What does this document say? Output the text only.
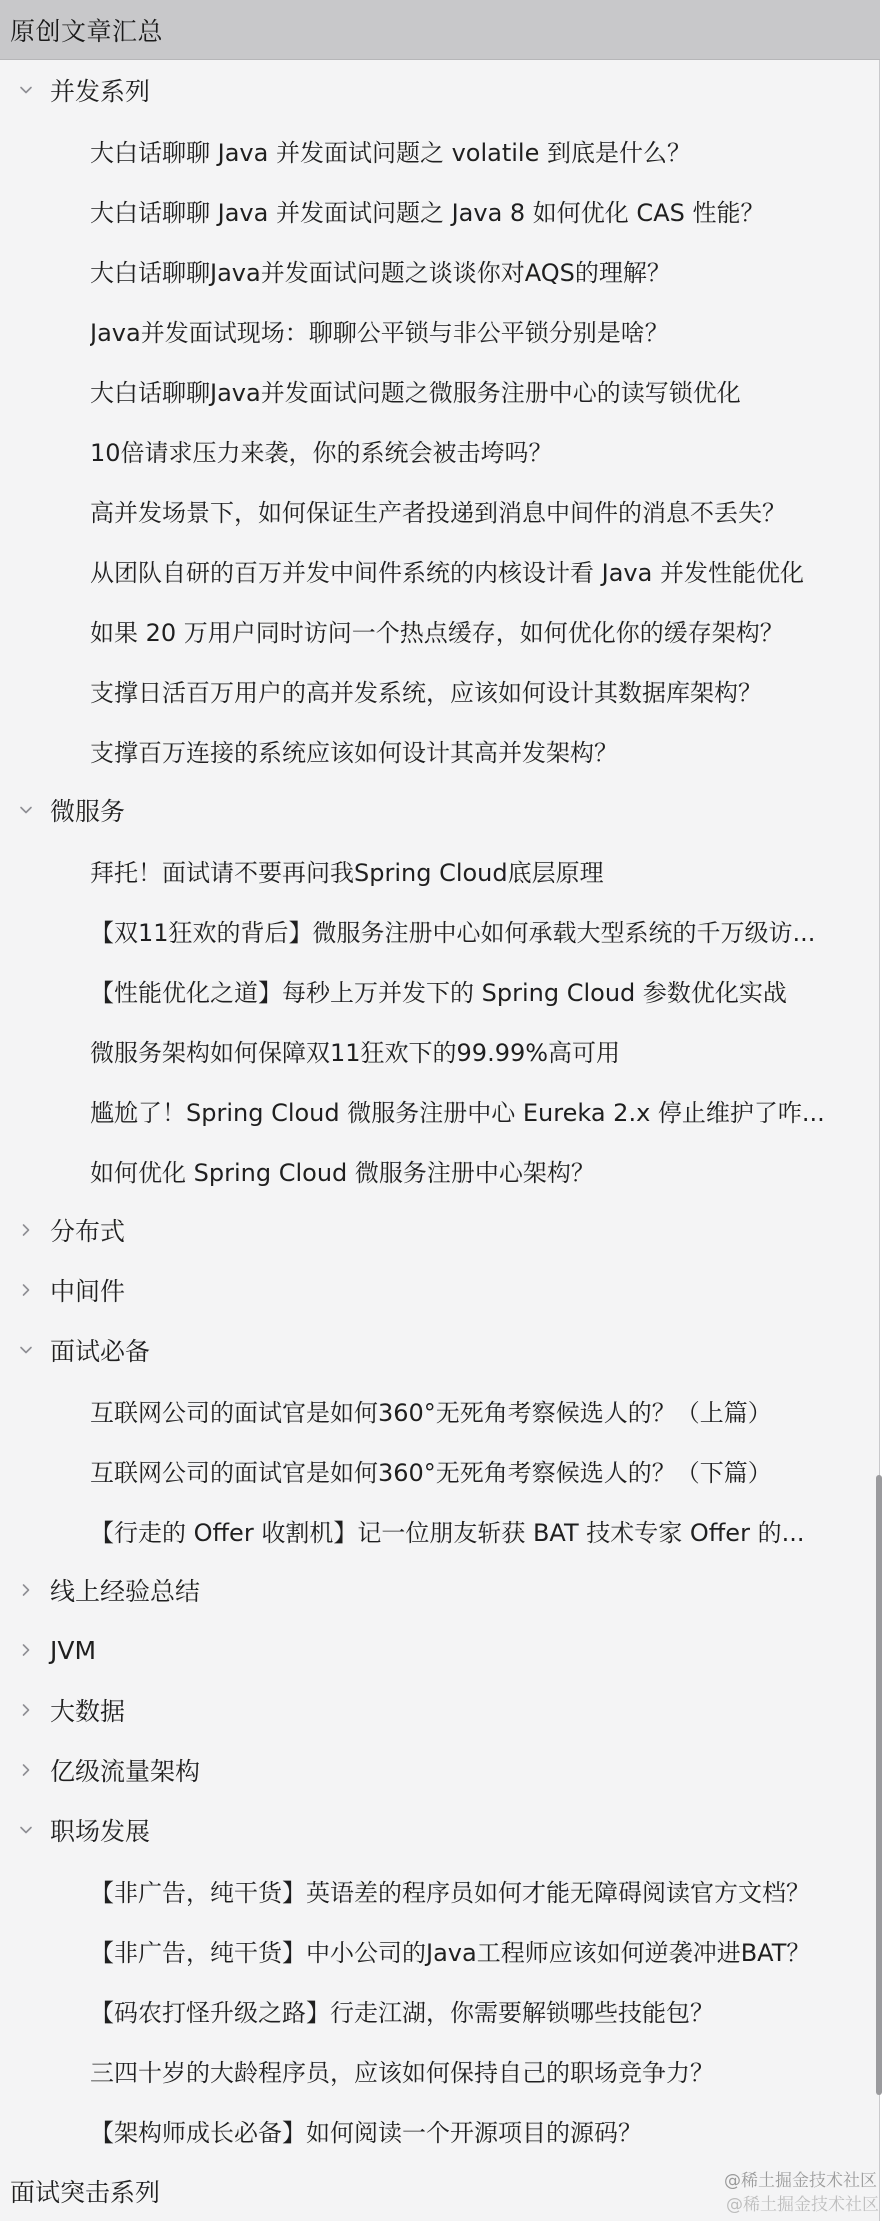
原创文章汇总
并发系列
大白话聊聊 Java 并发面试问题之 volatile 到底是什么？
大白话聊聊 Java 并发面试问题之 Java 8 如何优化 CAS 性能？
大白话聊聊Java并发面试问题之谈谈你对AQS的理解？
Java并发面试现场：聊聊公平锁与非公平锁分别是啥？
大白话聊聊Java并发面试问题之微服务注册中心的读写锁优化
10倍请求压力来袭，你的系统会被击垮吗？
高并发场景下，如何保证生产者投递到消息中间件的消息不丢失？
从团队自研的百万并发中间件系统的内核设计看 Java 并发性能优化
如果 20 万用户同时访问一个热点缓存，如何优化你的缓存架构？
支撑日活百万用户的高并发系统，应该如何设计其数据库架构？
支撑百万连接的系统应该如何设计其高并发架构？
微服务
拜托！面试请不要再问我Spring Cloud底层原理
【双11狂欢的背后】微服务注册中心如何承载大型系统的千万级访...
【性能优化之道】每秒上万并发下的 Spring Cloud 参数优化实战
微服务架构如何保障双11狂欢下的99.99%高可用
尴尬了！Spring Cloud 微服务注册中心 Eureka 2.x 停止维护了咋...
如何优化 Spring Cloud 微服务注册中心架构？
分布式
中间件
面试必备
互联网公司的面试官是如何360°无死角考察候选人的？（上篇）
互联网公司的面试官是如何360°无死角考察候选人的？（下篇）
【行走的 Offer 收割机】记一位朋友斩获 BAT 技术专家 Offer 的...
线上经验总结
JVM
大数据
亿级流量架构
职场发展
【非广告，纯干货】英语差的程序员如何才能无障碍阅读官方文档？
【非广告，纯干货】中小公司的Java工程师应该如何逆袭冲进BAT？
【码农打怪升级之路】行走江湖，你需要解锁哪些技能包？
三四十岁的大龄程序员，应该如何保持自己的职场竞争力？
【架构师成长必备】如何阅读一个开源项目的源码？
面试突击系列	@稀土掘金技术社区
@稀土掘金技术社区
